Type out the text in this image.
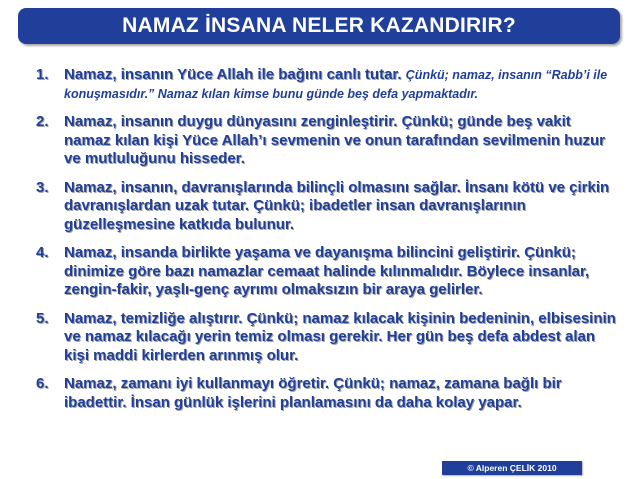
NAMAZ İNSANA NELER KAZANDIRIR?
1.	Namaz, insanın Yüce Allah ile bağını canlı tutar. Çünkü; namaz, insanın “Rabb’i ile konuşmasıdır.” Namaz kılan kimse bunu günde beş defa yapmaktadır.
2.	Namaz, insanın duygu dünyasını zenginleştirir. Çünkü; günde beş vakit namaz kılan kişi Yüce Allah’ı sevmenin ve onun tarafından sevilmenin huzur ve mutluluğunu hisseder.
3.	Namaz, insanın, davranışlarında bilinçli olmasını sağlar. İnsanı kötü ve çirkin davranışlardan uzak tutar. Çünkü; ibadetler insan davranışlarının güzelleşmesine katkıda bulunur.
4.	Namaz, insanda birlikte yaşama ve dayanışma bilincini geliştirir. Çünkü; dinimize göre bazı namazlar cemaat halinde kılınmalıdır. Böylece insanlar, zengin-fakir, yaşlı-genç ayrımı olmaksızın bir araya gelirler.
5.	Namaz, temizliğe alıştırır. Çünkü; namaz kılacak kişinin bedeninin, elbisesinin ve namaz kılacağı yerin temiz olması gerekir. Her gün beş defa abdest alan kişi maddi kirlerden arınmış olur.
6.	Namaz, zamanı iyi kullanmayı öğretir. Çünkü; namaz, zamana bağlı bir ibadettir. İnsan günlük işlerini planlamasını da daha kolay yapar.
© Alperen ÇELİK 2010
